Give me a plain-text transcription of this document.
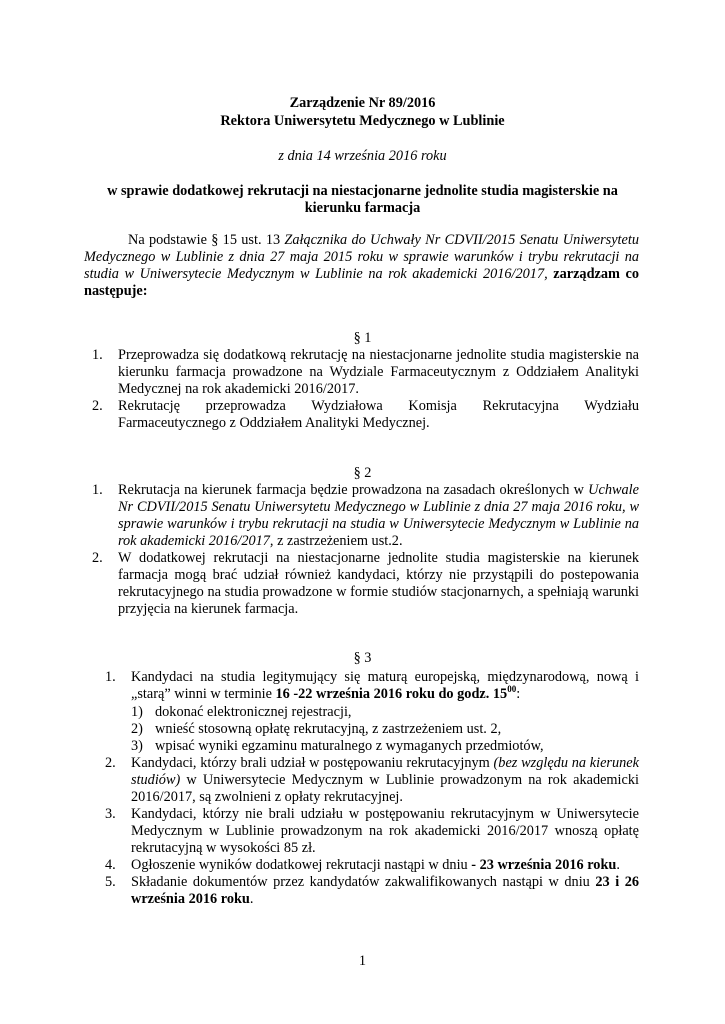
Zarządzenie Nr 89/2016
Rektora Uniwersytetu Medycznego w Lublinie
z dnia 14 września 2016 roku
w sprawie dodatkowej rekrutacji na niestacjonarne jednolite studia magisterskie na
kierunku farmacja

Na podstawie § 15 ust. 13 Załącznika do Uchwały Nr CDVII/2015 Senatu Uniwersytetu Medycznego w Lublinie z dnia 27 maja 2015 roku w sprawie warunków i trybu rekrutacji na studia w Uniwersytecie Medycznym w Lublinie na rok akademicki 2016/2017, zarządzam co następuje:

§ 1
1. Przeprowadza się dodatkową rekrutację na niestacjonarne jednolite studia magisterskie na kierunku farmacja prowadzone na Wydziale Farmaceutycznym z Oddziałem Analityki Medycznej na rok akademicki 2016/2017.
2. Rekrutację przeprowadza Wydziałowa Komisja Rekrutacyjna Wydziału Farmaceutycznego z Oddziałem Analityki Medycznej.
§ 2
1. Rekrutacja na kierunek farmacja będzie prowadzona na zasadach określonych w Uchwale Nr CDVII/2015 Senatu Uniwersytetu Medycznego w Lublinie z dnia 27 maja 2016 roku, w sprawie warunków i trybu rekrutacji na studia w Uniwersytecie Medycznym w Lublinie na rok akademicki 2016/2017, z zastrzeżeniem ust.2.
2. W dodatkowej rekrutacji na niestacjonarne jednolite studia magisterskie na kierunek farmacja mogą brać udział również kandydaci, którzy nie przystąpili do postepowania rekrutacyjnego na studia prowadzone w formie studiów stacjonarnych, a spełniają warunki przyjęcia na kierunek farmacja.
§ 3
1. Kandydaci na studia legitymujący się maturą europejską, międzynarodową, nową i „starą” winni w terminie 16 -22 września 2016 roku do godz. $15^{00}$:
1) dokonać elektronicznej rejestracji,
2) wnieść stosowną opłatę rekrutacyjną, z zastrzeżeniem ust. 2,
3) wpisać wyniki egzaminu maturalnego z wymaganych przedmiotów,
2. Kandydaci, którzy brali udział w postępowaniu rekrutacyjnym (bez względu na kierunek studiów) w Uniwersytecie Medycznym w Lublinie prowadzonym na rok akademicki 2016/2017, są zwolnieni z opłaty rekrutacyjnej.
3. Kandydaci, którzy nie brali udziału w postępowaniu rekrutacyjnym w Uniwersytecie Medycznym w Lublinie prowadzonym na rok akademicki 2016/2017 wnoszą opłatę rekrutacyjną w wysokości 85 zł.
4. Ogłoszenie wyników dodatkowej rekrutacji nastąpi w dniu - 23 września 2016 roku.
5. Składanie dokumentów przez kandydatów zakwalifikowanych nastąpi w dniu 23 i 26 września 2016 roku.
1
